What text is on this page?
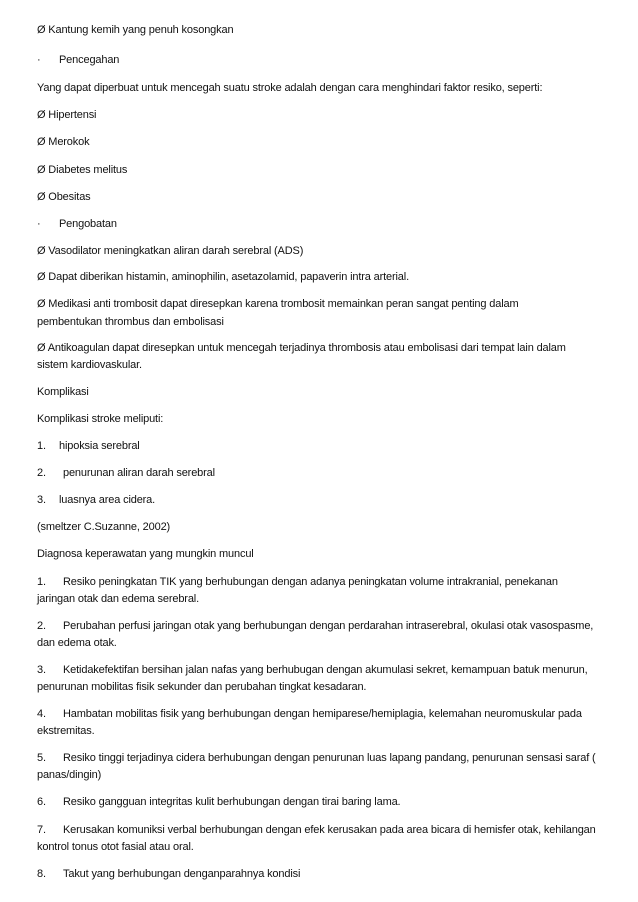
Ø Kantung kemih yang penuh kosongkan
· Pencegahan
Yang dapat diperbuat untuk mencegah suatu stroke adalah dengan cara menghindari faktor resiko, seperti:
Ø Hipertensi
Ø Merokok
Ø Diabetes melitus
Ø Obesitas
· Pengobatan
Ø Vasodilator meningkatkan aliran darah serebral (ADS)
Ø Dapat diberikan histamin, aminophilin, asetazolamid, papaverin intra arterial.
Ø Medikasi anti trombosit dapat diresepkan karena trombosit memainkan peran sangat penting dalam
pembentukan thrombus dan embolisasi
Ø Antikoagulan dapat diresepkan untuk mencegah terjadinya thrombosis atau embolisasi dari tempat lain dalam
sistem kardiovaskular.
Komplikasi
Komplikasi stroke meliputi:
1. hipoksia serebral
2. penurunan aliran darah serebral
3. luasnya area cidera.
(smeltzer C.Suzanne, 2002)
Diagnosa keperawatan yang mungkin muncul
1. Resiko peningkatan TIK yang berhubungan dengan adanya peningkatan volume intrakranial, penekanan
jaringan otak dan edema serebral.
2. Perubahan perfusi jaringan otak yang berhubungan dengan perdarahan intraserebral, okulasi otak vasospasme,
dan edema otak.
3. Ketidakefektifan bersihan jalan nafas yang berhubugan dengan akumulasi sekret, kemampuan batuk menurun,
penurunan mobilitas fisik sekunder dan perubahan tingkat kesadaran.
4. Hambatan mobilitas fisik yang berhubungan dengan hemiparese/hemiplagia, kelemahan neuromuskular pada
ekstremitas.
5. Resiko tinggi terjadinya cidera berhubungan dengan penurunan luas lapang pandang, penurunan sensasi saraf (
panas/dingin)
6. Resiko gangguan integritas kulit berhubungan dengan tirai baring lama.
7. Kerusakan komuniksi verbal berhubungan dengan efek kerusakan pada area bicara di hemisfer otak, kehilangan
kontrol tonus otot fasial atau oral.
8. Takut yang berhubungan denganparahnya kondisi
